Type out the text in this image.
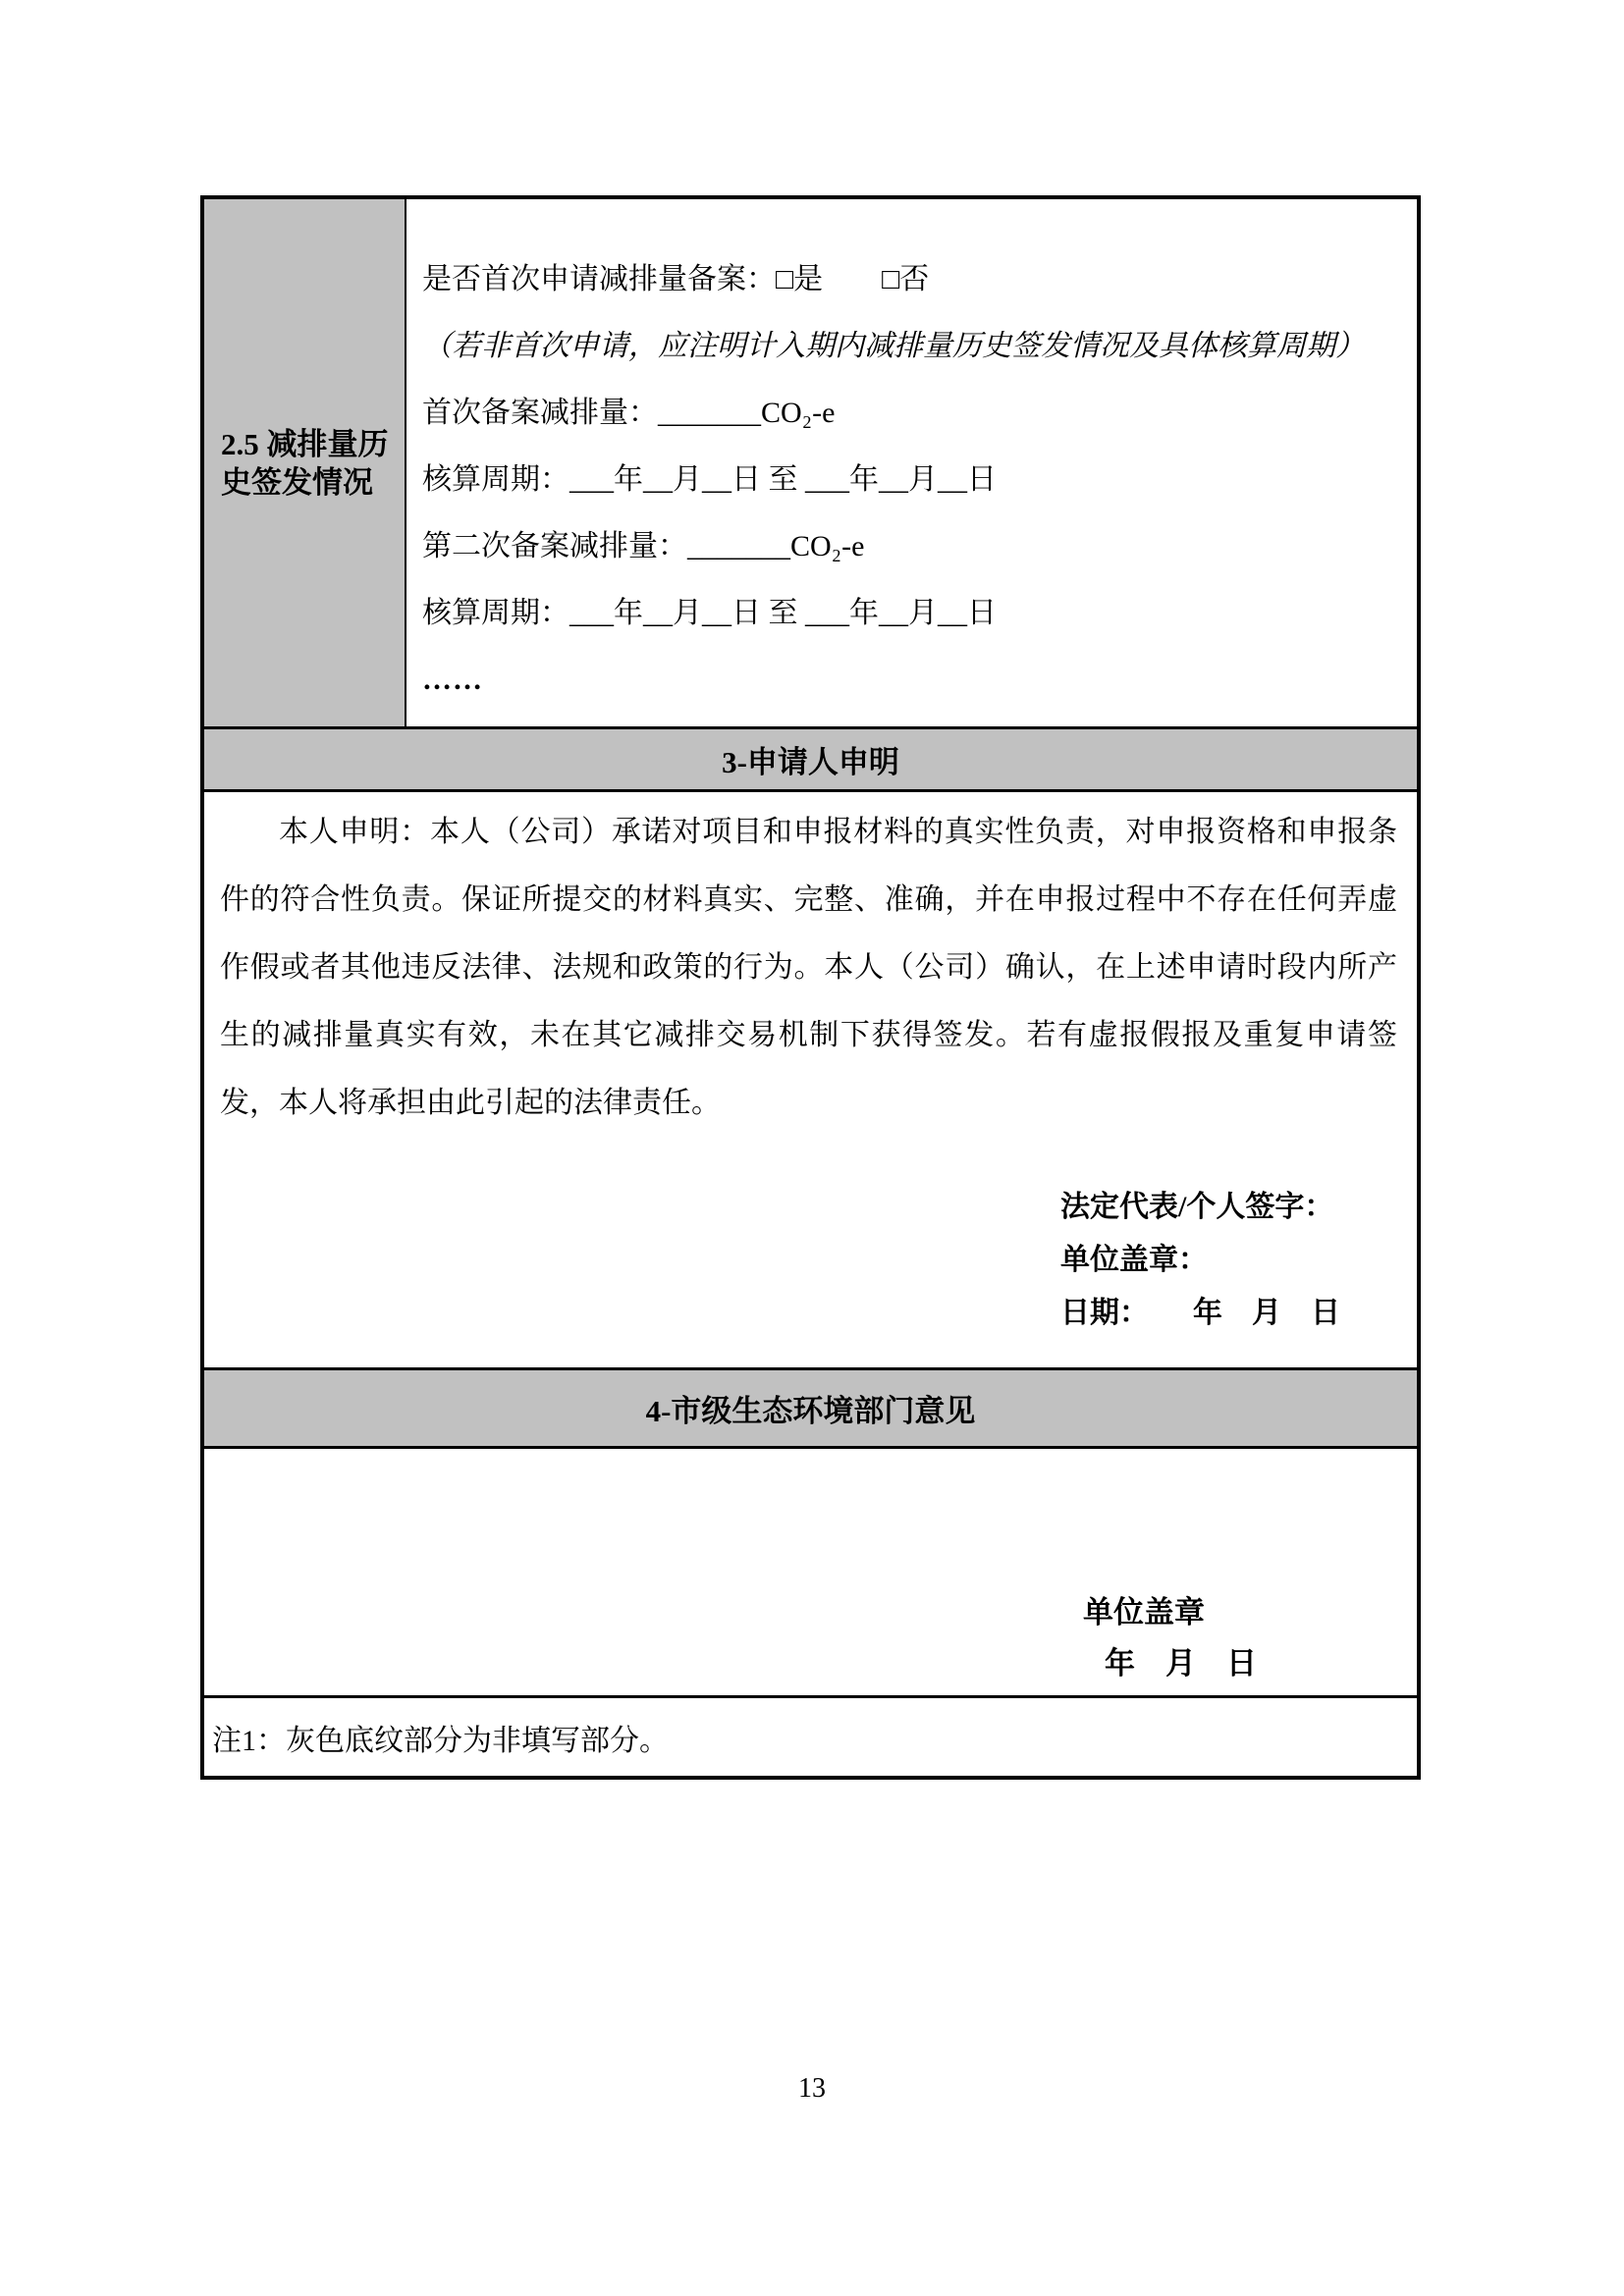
2.5 减排量历史签发情况
是否首次申请减排量备案：□是　　□否
（若非首次申请，应注明计入期内减排量历史签发情况及具体核算周期）
首次备案减排量：_______CO₂-e
核算周期：___年__月__日 至 ___年__月__日
第二次备案减排量：_______CO₂-e
核算周期：___年__月__日 至 ___年__月__日
……
3-申请人申明

本人申明：本人（公司）承诺对项目和申报材料的真实性负责，对申报资格和申报条件的符合性负责。保证所提交的材料真实、完整、准确，并在申报过程中不存在任何弄虚作假或者其他违反法律、法规和政策的行为。本人（公司）确认，在上述申请时段内所产生的减排量真实有效，未在其它减排交易机制下获得签发。若有虚报假报及重复申请签发，本人将承担由此引起的法律责任。

法定代表/个人签字：
单位盖章：
日期：　　年　月　日
4-市级生态环境部门意见
单位盖章
年　月　日
注1：灰色底纹部分为非填写部分。
13
